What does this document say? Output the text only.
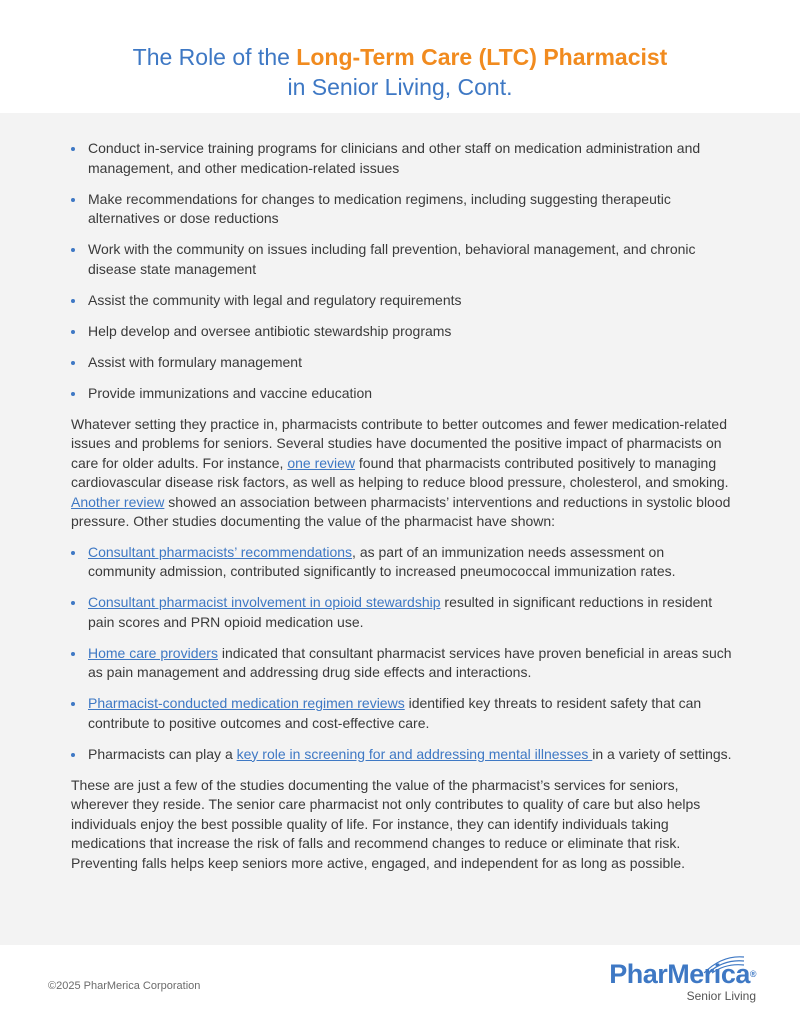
The Role of the Long-Term Care (LTC) Pharmacist
in Senior Living, Cont.
Conduct in-service training programs for clinicians and other staff on medication administration and management, and other medication-related issues
Make recommendations for changes to medication regimens, including suggesting therapeutic alternatives or dose reductions
Work with the community on issues including fall prevention, behavioral management, and chronic disease state management
Assist the community with legal and regulatory requirements
Help develop and oversee antibiotic stewardship programs
Assist with formulary management
Provide immunizations and vaccine education

Whatever setting they practice in, pharmacists contribute to better outcomes and fewer medication-related issues and problems for seniors. Several studies have documented the positive impact of pharmacists on care for older adults. For instance, one review found that pharmacists contributed positively to managing cardiovascular disease risk factors, as well as helping to reduce blood pressure, cholesterol, and smoking. Another review showed an association between pharmacists’ interventions and reductions in systolic blood pressure. Other studies documenting the value of the pharmacist have shown:

Consultant pharmacists’ recommendations, as part of an immunization needs assessment on community admission, contributed significantly to increased pneumococcal immunization rates.
Consultant pharmacist involvement in opioid stewardship resulted in significant reductions in resident pain scores and PRN opioid medication use.
Home care providers indicated that consultant pharmacist services have proven beneficial in areas such as pain management and addressing drug side effects and interactions.
Pharmacist-conducted medication regimen reviews identified key threats to resident safety that can contribute to positive outcomes and cost-effective care.
Pharmacists can play a key role in screening for and addressing mental illnesses in a variety of settings.

These are just a few of the studies documenting the value of the pharmacist’s services for seniors, wherever they reside. The senior care pharmacist not only contributes to quality of care but also helps individuals enjoy the best possible quality of life. For instance, they can identify individuals taking medications that increase the risk of falls and recommend changes to reduce or eliminate that risk. Preventing falls helps keep seniors more active, engaged, and independent for as long as possible.

©2025 PharMerica Corporation	PharMerica®
Senior Living
